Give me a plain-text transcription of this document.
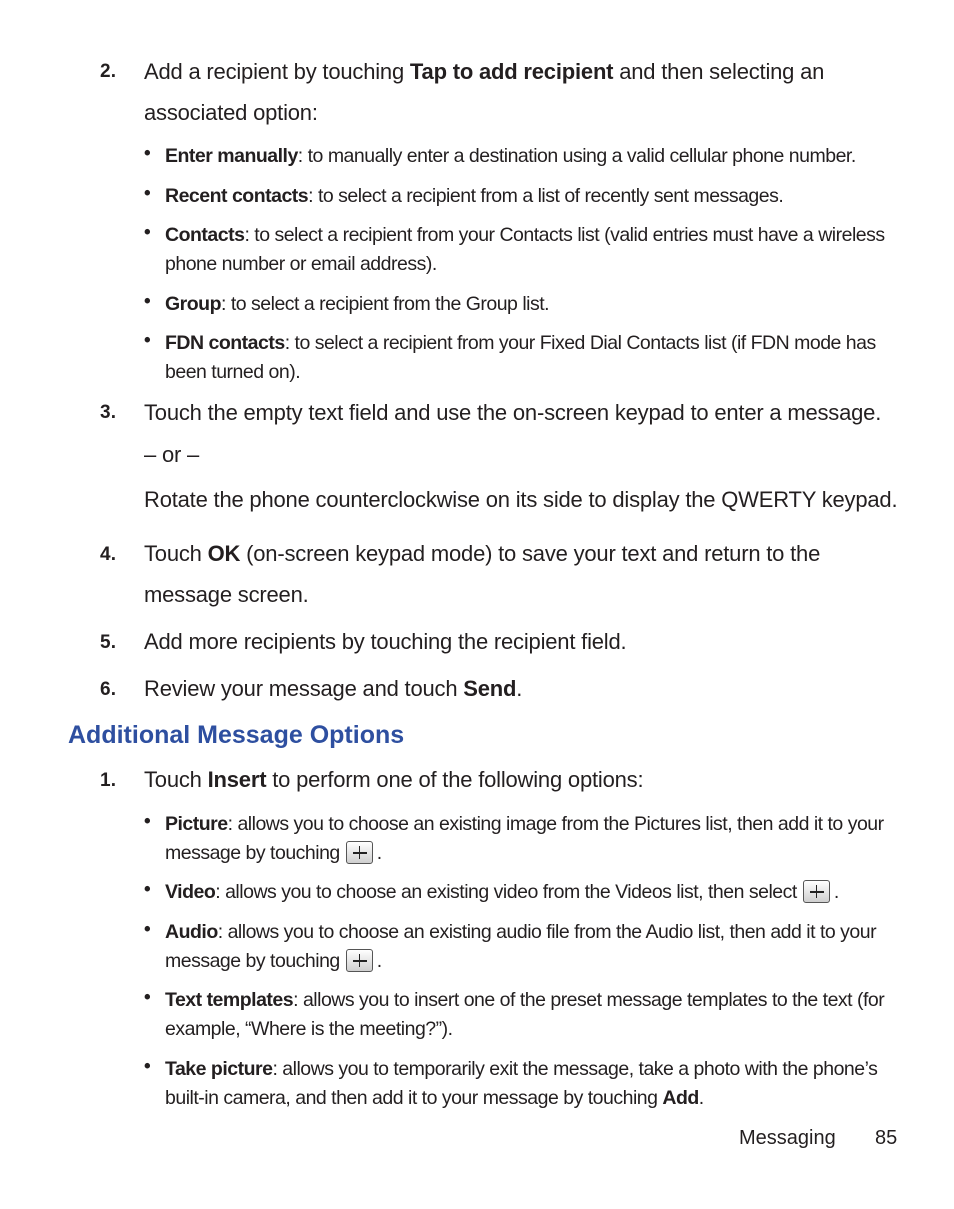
2. Add a recipient by touching Tap to add recipient and then selecting an
associated option:
• Enter manually: to manually enter a destination using a valid cellular phone number.
• Recent contacts: to select a recipient from a list of recently sent messages.
• Contacts: to select a recipient from your Contacts list (valid entries must have a wireless phone number or email address).
• Group: to select a recipient from the Group list.
• FDN contacts: to select a recipient from your Fixed Dial Contacts list (if FDN mode has been turned on).
3. Touch the empty text field and use the on-screen keypad to enter a message.
– or –
Rotate the phone counterclockwise on its side to display the QWERTY keypad.
4. Touch OK (on-screen keypad mode) to save your text and return to the
message screen.
5. Add more recipients by touching the recipient field.
6. Review your message and touch Send.
Additional Message Options
1. Touch Insert to perform one of the following options:
• Picture: allows you to choose an existing image from the Pictures list, then add it to your message by touching .
• Video: allows you to choose an existing video from the Videos list, then select .
• Audio: allows you to choose an existing audio file from the Audio list, then add it to your message by touching .
• Text templates: allows you to insert one of the preset message templates to the text (for example, “Where is the meeting?”).
• Take picture: allows you to temporarily exit the message, take a photo with the phone’s built-in camera, and then add it to your message by touching Add.
Messaging 85
